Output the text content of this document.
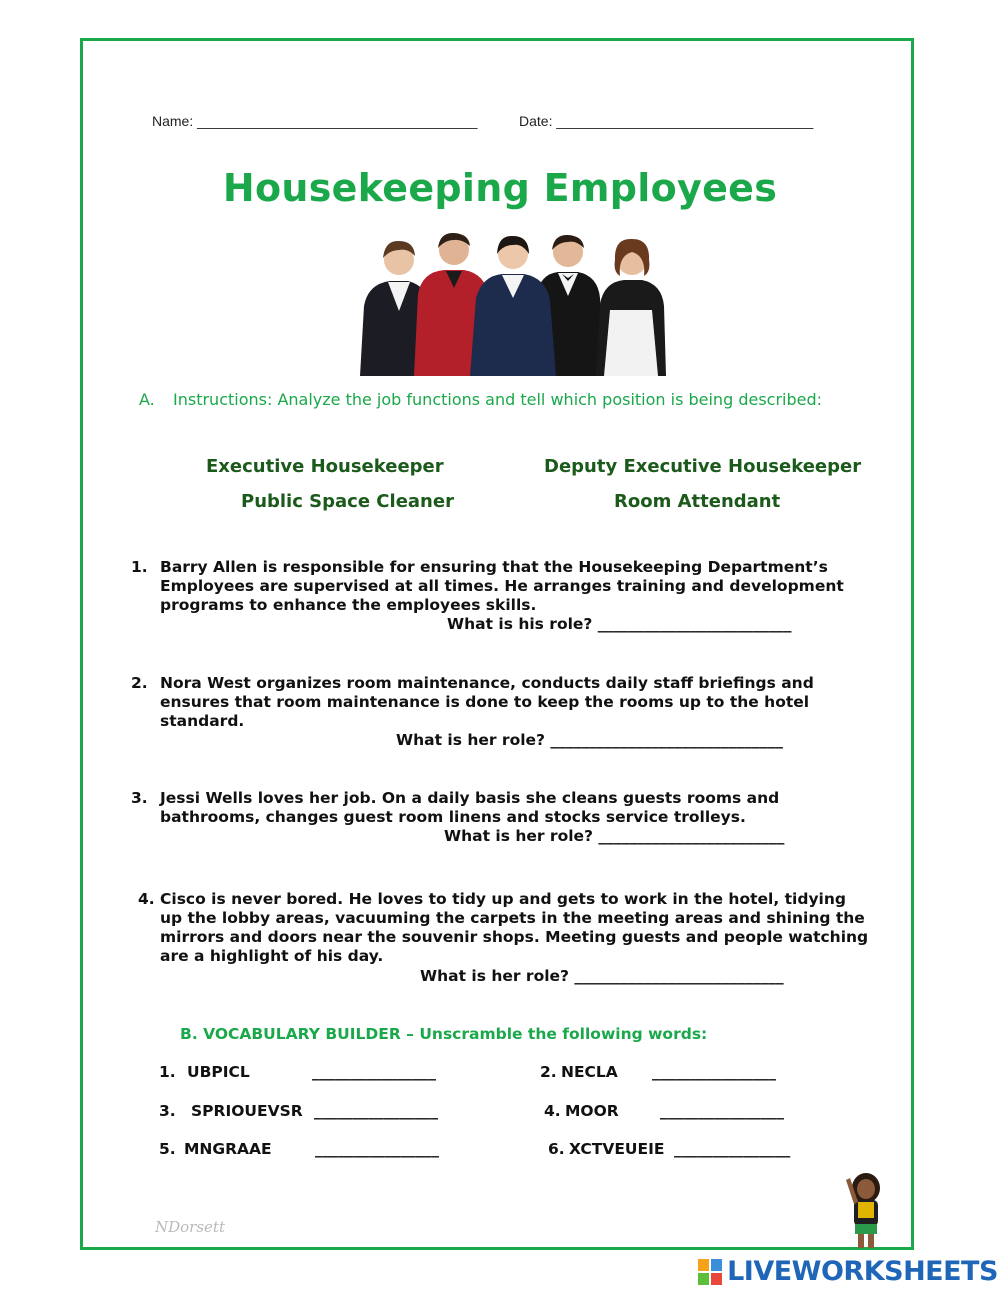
Name: ____________________________________	Date: _________________________________
Housekeeping Employees
A. Instructions: Analyze the job functions and tell which position is being described:
Executive Housekeeper	Deputy Executive Housekeeper
Public Space Cleaner	Room Attendant
1. Barry Allen is responsible for ensuring that the Housekeeping Department’s Employees are supervised at all times. He arranges training and development programs to enhance the employees skills.
What is his role? _________________________
2. Nora West organizes room maintenance, conducts daily staff briefings and ensures that room maintenance is done to keep the rooms up to the hotel standard.
What is her role? ______________________________
3. Jessi Wells loves her job. On a daily basis she cleans guests rooms and bathrooms, changes guest room linens and stocks service trolleys.
What is her role? ________________________
4. Cisco is never bored. He loves to tidy up and gets to work in the hotel, tidying up the lobby areas, vacuuming the carpets in the meeting areas and shining the mirrors and doors near the souvenir shops. Meeting guests and people watching are a highlight of his day.
What is her role? ___________________________
B. VOCABULARY BUILDER – Unscramble the following words:
1. UBPICL	________________	2. NECLA ________________
3. SPRIOUEVSR ________________	4. MOOR	________________
5. MNGRAAE	________________	6. XCTVEUEIE _______________
NDorsett
LIVEWORKSHEETS
